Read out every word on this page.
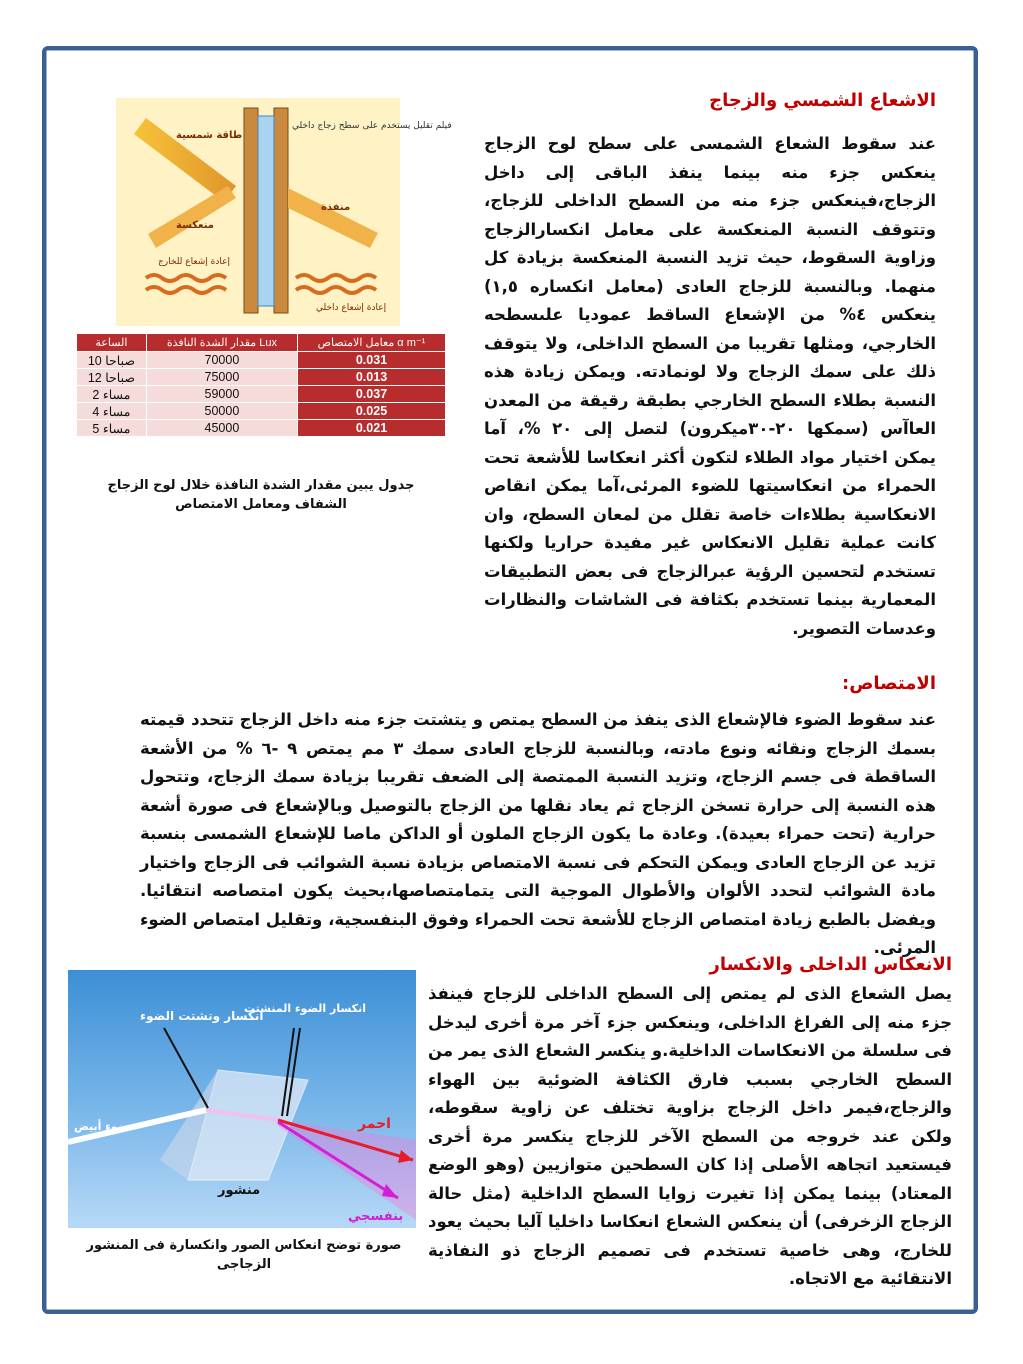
الاشعاع الشمسي والزجاج
عند سقوط الشعاع الشمسى على سطح لوح الزجاج ينعكس جزء منه بينما ينفذ الباقى إلى داخل الزجاج،فينعكس جزء منه من السطح الداخلى للزجاج، وتتوقف النسبة المنعكسة على معامل انكسارالزجاج وزاوية السقوط، حيث تزيد النسبة المنعكسة بزيادة كل منهما. وبالنسبة للزجاج العادى (معامل انكساره ١,٥) ينعكس ٤% من الإشعاع الساقط عموديا علىسطحه الخارجي، ومثلها تقريبا من السطح الداخلى، ولا يتوقف ذلك على سمك الزجاج ولا لونمادته. ويمكن زيادة هذه النسبة بطلاء السطح الخارجي بطبقة رقيقة من المعدن العاآس (سمكها ٢٠-٣٠ميكرون) لتصل إلى ٢٠ %، آما يمكن اختيار مواد الطلاء لتكون أكثر انعكاسا للأشعة تحت الحمراء من انعكاسيتها للضوء المرئى،آما يمكن انقاص الانعكاسية بطلاءات خاصة تقلل من لمعان السطح، وان كانت عملية تقليل الانعكاس غير مفيدة حراريا ولكنها تستخدم لتحسين الرؤية عبرالزجاج فى بعض التطبيقات المعمارية بينما تستخدم بكثافة فى الشاشات والنظارات وعدسات التصوير.
طاقة شمسية
منعكسة
منفذة
إعادة إشعاع للخارج
إعادة إشعاع داخلي
فيلم تقليل يستخدم على سطح زجاج داخلي
الساعة	مقدار الشدة النافذة Lux	معامل الامتصاص α m⁻¹
10 صباحا	70000	0.031
12 صباحا	75000	0.013
2 مساء	59000	0.037
4 مساء	50000	0.025
5 مساء	45000	0.021
جدول يبين مقدار الشدة النافذة خلال لوح الزجاج الشفاف ومعامل الامتصاص
الامتصاص:
عند سقوط الضوء فالإشعاع الذى ينفذ من السطح يمتص و يتشتت جزء منه داخل الزجاج تتحدد قيمته بسمك الزجاج ونقائه ونوع مادته، وبالنسبة للزجاج العادى سمك ٣ مم يمتص ٩ -٦ % من الأشعة الساقطة فى جسم الزجاج، وتزيد النسبة الممتصة إلى الضعف تقريبا بزيادة سمك الزجاج، وتتحول هذه النسبة إلى حرارة تسخن الزجاج ثم يعاد نقلها من الزجاج بالتوصيل وبالإشعاع فى صورة أشعة حرارية (تحت حمراء بعيدة). وعادة ما يكون الزجاج الملون أو الداكن ماصا للإشعاع الشمسى بنسبة تزيد عن الزجاج العادى ويمكن التحكم فى نسبة الامتصاص بزيادة نسبة الشوائب فى الزجاج واختيار مادة الشوائب لتحدد الألوان والأطوال الموجية التى يتمامتصاصها،بحيث يكون امتصاصه انتقائيا. ويفضل بالطبع زيادة امتصاص الزجاج للأشعة تحت الحمراء وفوق البنفسجية، وتقليل امتصاص الضوء المرئى.
الانعكاس الداخلى والانكسار
يصل الشعاع الذى لم يمتص إلى السطح الداخلى للزجاج فينفذ جزء منه إلى الفراغ الداخلى، وينعكس جزء آخر مرة أخرى ليدخل فى سلسلة من الانعكاسات الداخلية.و ينكسر الشعاع الذى يمر من السطح الخارجي بسبب فارق الكثافة الضوئية بين الهواء والزجاج،فيمر داخل الزجاج بزاوية تختلف عن زاوية سقوطه، ولكن عند خروجه من السطح الآخر للزجاج ينكسر مرة أخرى فيستعيد اتجاهه الأصلى إذا كان السطحين متوازيين (وهو الوضع المعتاد) بينما يمكن إذا تغيرت زوايا السطح الداخلية (مثل حالة الزجاج الزخرفى) أن ينعكس الشعاع انعكاسا داخليا آليا بحيث يعود للخارج، وهى خاصية تستخدم فى تصميم الزجاج ذو النفاذية الانتقائية مع الاتجاه.
انكسار وتشتت الضوء
انكسار الضوء المنشتت
ضوء أبيض	احمر
منشور
بنفسجي
صورة توضح انعكاس الصور وانكسارة فى المنشور الزجاجى
